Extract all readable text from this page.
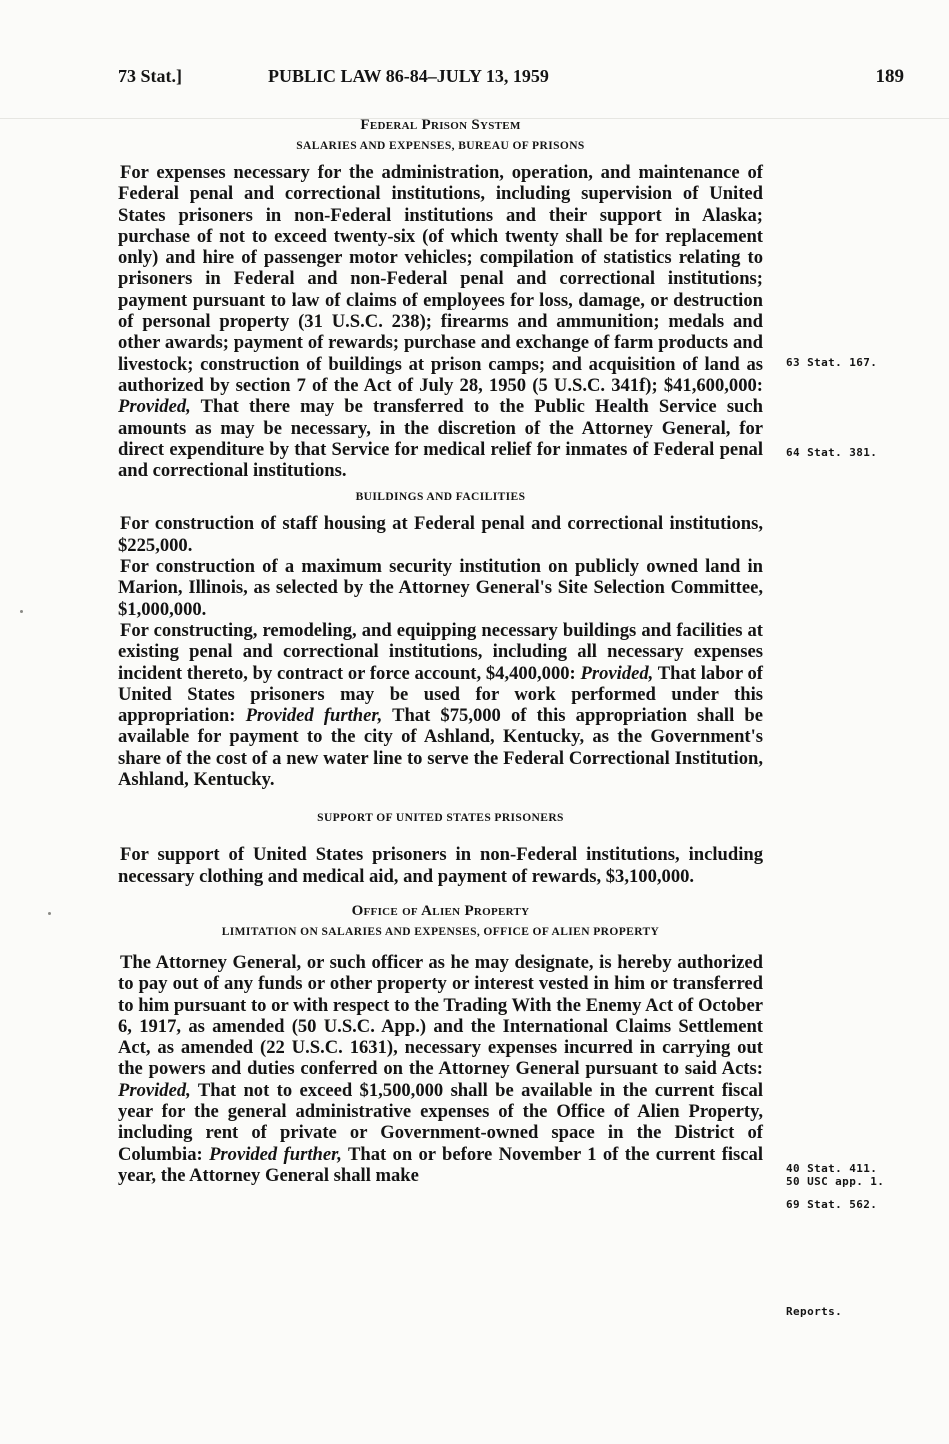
73 Stat.]	PUBLIC LAW 86-84–JULY 13, 1959	189
Federal Prison System
SALARIES AND EXPENSES, BUREAU OF PRISONS

For expenses necessary for the administration, operation, and maintenance of Federal penal and correctional institutions, including supervision of United States prisoners in non-Federal institutions and their support in Alaska; purchase of not to exceed twenty-six (of which twenty shall be for replacement only) and hire of passenger motor vehicles; compilation of statistics relating to prisoners in Federal and non-Federal penal and correctional institutions; payment pursuant to law of claims of employees for loss, damage, or destruction of personal property (31 U.S.C. 238); firearms and ammunition; medals and other awards; payment of rewards; purchase and exchange of farm products and livestock; construction of buildings at prison camps; and acquisition of land as authorized by section 7 of the Act of July 28, 1950 (5 U.S.C. 341f); $41,600,000: Provided, That there may be transferred to the Public Health Service such amounts as may be necessary, in the discretion of the Attorney General, for direct expenditure by that Service for medical relief for inmates of Federal penal and correctional institutions.

BUILDINGS AND FACILITIES

For construction of staff housing at Federal penal and correctional institutions, $225,000.

For construction of a maximum security institution on publicly owned land in Marion, Illinois, as selected by the Attorney General's Site Selection Committee, $1,000,000.

For constructing, remodeling, and equipping necessary buildings and facilities at existing penal and correctional institutions, including all necessary expenses incident thereto, by contract or force account, $4,400,000: Provided, That labor of United States prisoners may be used for work performed under this appropriation: Provided further, That $75,000 of this appropriation shall be available for payment to the city of Ashland, Kentucky, as the Government's share of the cost of a new water line to serve the Federal Correctional Institution, Ashland, Kentucky.

SUPPORT OF UNITED STATES PRISONERS

For support of United States prisoners in non-Federal institutions, including necessary clothing and medical aid, and payment of rewards, $3,100,000.

Office of Alien Property
LIMITATION ON SALARIES AND EXPENSES, OFFICE OF ALIEN PROPERTY

The Attorney General, or such officer as he may designate, is hereby authorized to pay out of any funds or other property or interest vested in him or transferred to him pursuant to or with respect to the Trading With the Enemy Act of October 6, 1917, as amended (50 U.S.C. App.) and the International Claims Settlement Act, as amended (22 U.S.C. 1631), necessary expenses incurred in carrying out the powers and duties conferred on the Attorney General pursuant to said Acts: Provided, That not to exceed $1,500,000 shall be available in the current fiscal year for the general administrative expenses of the Office of Alien Property, including rent of private or Government-owned space in the District of Columbia: Provided further, That on or before November 1 of the current fiscal year, the Attorney General shall make

63 Stat. 167.
64 Stat. 381.
40 Stat. 411.
50 USC app. 1.
69 Stat. 562.
Reports.
